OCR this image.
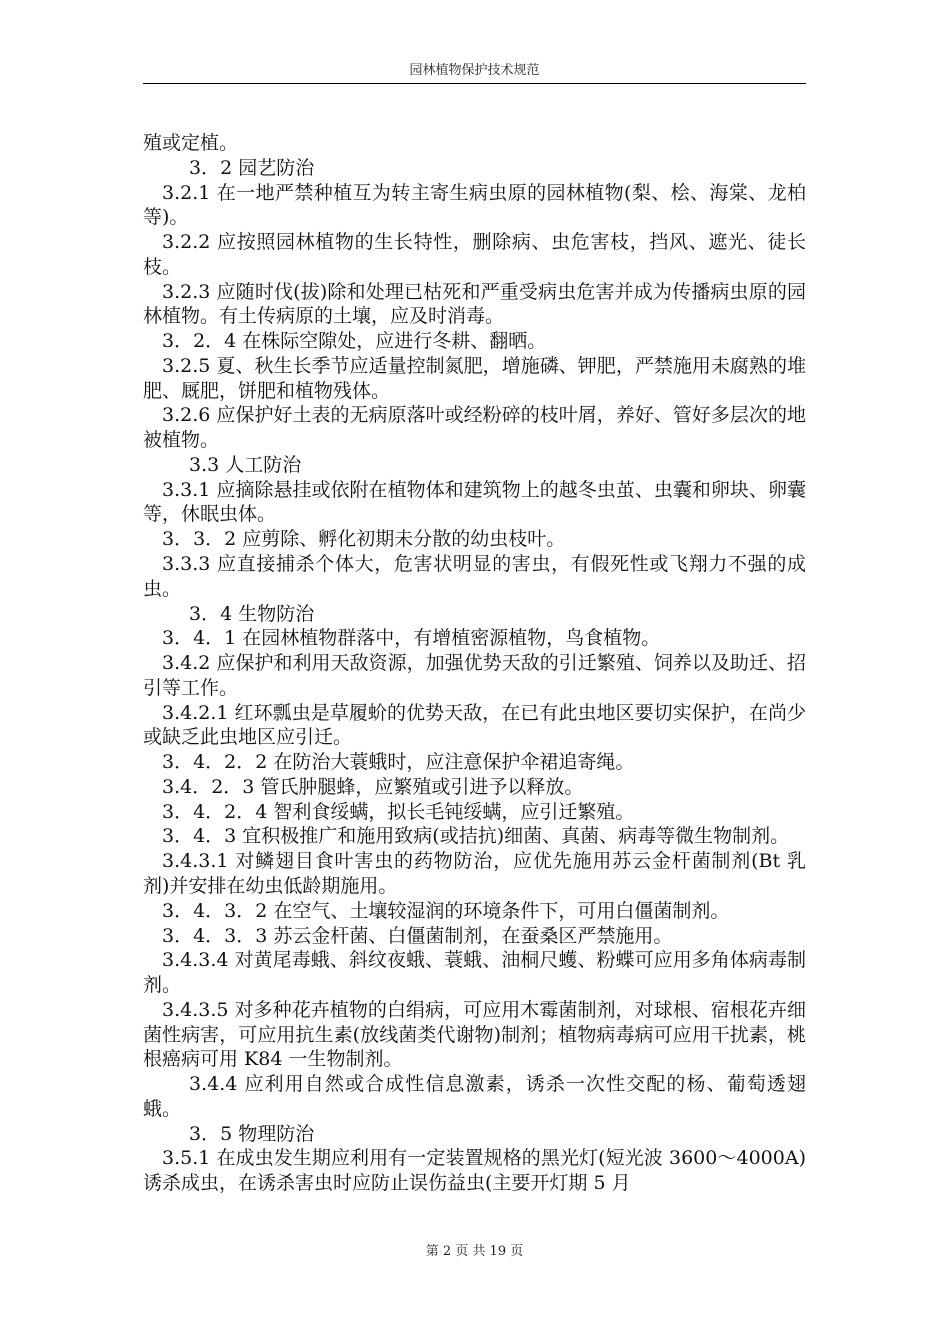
园林植物保护技术规范

殖或定植。

3．2 园艺防治

3.2.1 在一地严禁种植互为转主寄生病虫原的园林植物(梨、桧、海棠、龙柏等)。

3.2.2 应按照园林植物的生长特性，删除病、虫危害枝，挡风、遮光、徒长枝。

3.2.3 应随时伐(拔)除和处理已枯死和严重受病虫危害并成为传播病虫原的园林植物。有土传病原的土壤，应及时消毒。

3．2．4 在株际空隙处，应进行冬耕、翻晒。

3.2.5 夏、秋生长季节应适量控制氮肥，增施磷、钾肥，严禁施用未腐熟的堆肥、厩肥，饼肥和植物残体。

3.2.6 应保护好土表的无病原落叶或经粉碎的枝叶屑，养好、管好多层次的地被植物。

3.3 人工防治

3.3.1 应摘除悬挂或依附在植物体和建筑物上的越冬虫茧、虫囊和卵块、卵囊等，休眠虫体。

3．3．2 应剪除、孵化初期未分散的幼虫枝叶。

3.3.3 应直接捕杀个体大，危害状明显的害虫，有假死性或飞翔力不强的成虫。

3．4 生物防治

3．4．1 在园林植物群落中，有增植密源植物，鸟食植物。

3.4.2 应保护和利用天敌资源，加强优势天敌的引迁繁殖、饲养以及助迁、招引等工作。

3.4.2.1 红环瓢虫是草履蚧的优势天敌，在已有此虫地区要切实保护，在尚少或缺乏此虫地区应引迁。

3．4．2．2 在防治大蓑蛾时，应注意保护伞裙追寄绳。

3.4．2．3 管氏肿腿蜂，应繁殖或引进予以释放。

3．4．2．4 智利食绥螨，拟长毛钝绥螨，应引迁繁殖。

3．4．3 宜积极推广和施用致病(或拮抗)细菌、真菌、病毒等微生物制剂。

3.4.3.1 对鳞翅目食叶害虫的药物防治，应优先施用苏云金杆菌制剂(Bt 乳剂)并安排在幼虫低龄期施用。

3．4．3．2 在空气、土壤较湿润的环境条件下，可用白僵菌制剂。

3．4．3．3 苏云金杆菌、白僵菌制剂，在蚕桑区严禁施用。

3.4.3.4 对黄尾毒蛾、斜纹夜蛾、蓑蛾、油桐尺蠖、粉蝶可应用多角体病毒制剂。

3.4.3.5 对多种花卉植物的白绢病，可应用木霉菌制剂，对球根、宿根花卉细菌性病害，可应用抗生素(放线菌类代谢物)制剂；植物病毒病可应用干扰素，桃根癌病可用 K84 一生物制剂。

3.4.4 应利用自然或合成性信息激素，诱杀一次性交配的杨、葡萄透翅蛾。

3．5 物理防治

3.5.1 在成虫发生期应利用有一定装置规格的黑光灯(短光波 3600～4000A)诱杀成虫，在诱杀害虫时应防止误伤益虫(主要开灯期 5 月

第 2 页 共 19 页
